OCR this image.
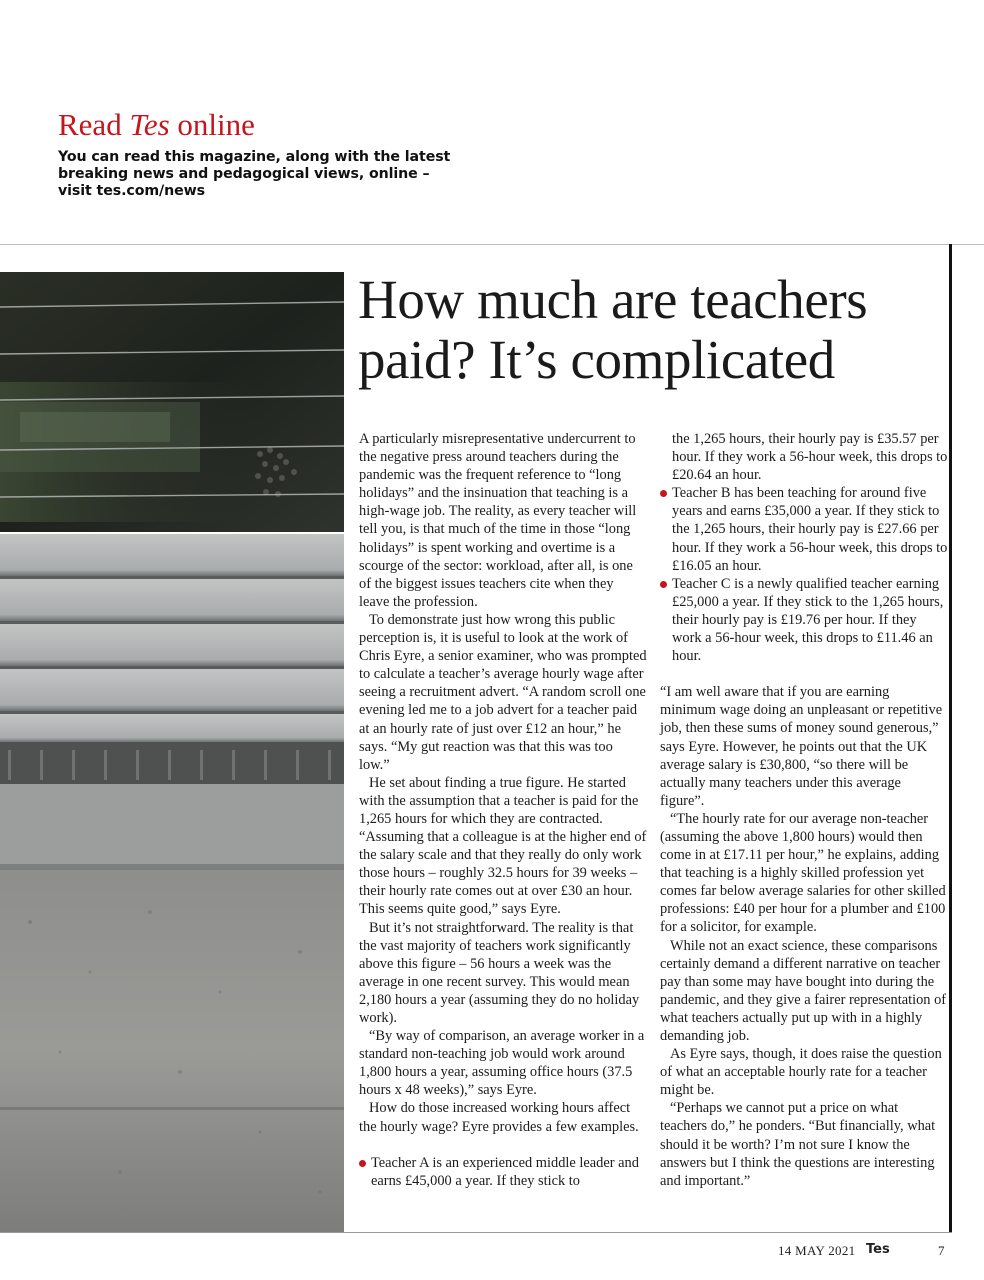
Read Tes online

You can read this magazine, along with the latest breaking news and pedagogical views, online – visit tes.com/news

How much are teachers paid? It’s complicated

A particularly misrepresentative undercurrent to the negative press around teachers during the pandemic was the frequent reference to “long holidays” and the insinuation that teaching is a high-wage job. The reality, as every teacher will tell you, is that much of the time in those “long holidays” is spent working and overtime is a scourge of the sector: workload, after all, is one of the biggest issues teachers cite when they leave the profession.

To demonstrate just how wrong this public perception is, it is useful to look at the work of Chris Eyre, a senior examiner, who was prompted to calculate a teacher’s average hourly wage after seeing a recruitment advert. “A random scroll one evening led me to a job advert for a teacher paid at an hourly rate of just over £12 an hour,” he says. “My gut reaction was that this was too low.”

He set about finding a true figure. He started with the assumption that a teacher is paid for the 1,265 hours for which they are contracted. “Assuming that a colleague is at the higher end of the salary scale and that they really do only work those hours – roughly 32.5 hours for 39 weeks – their hourly rate comes out at over £30 an hour. This seems quite good,” says Eyre.

But it’s not straightforward. The reality is that the vast majority of teachers work significantly above this figure – 56 hours a week was the average in one recent survey. This would mean 2,180 hours a year (assuming they do no holiday work).

“By way of comparison, an average worker in a standard non-teaching job would work around 1,800 hours a year, assuming office hours (37.5 hours x 48 weeks),” says Eyre.

How do those increased working hours affect the hourly wage? Eyre provides a few examples.

Teacher A is an experienced middle leader and earns £45,000 a year. If they stick to

the 1,265 hours, their hourly pay is £35.57 per hour. If they work a 56-hour week, this drops to £20.64 an hour.

Teacher B has been teaching for around five years and earns £35,000 a year. If they stick to the 1,265 hours, their hourly pay is £27.66 per hour. If they work a 56-hour week, this drops to £16.05 an hour.

Teacher C is a newly qualified teacher earning £25,000 a year. If they stick to the 1,265 hours, their hourly pay is £19.76 per hour. If they work a 56-hour week, this drops to £11.46 an hour.

“I am well aware that if you are earning minimum wage doing an unpleasant or repetitive job, then these sums of money sound generous,” says Eyre. However, he points out that the UK average salary is £30,800, “so there will be actually many teachers under this average figure”.

“The hourly rate for our average non-teacher (assuming the above 1,800 hours) would then come in at £17.11 per hour,” he explains, adding that teaching is a highly skilled profession yet comes far below average salaries for other skilled professions: £40 per hour for a plumber and £100 for a solicitor, for example.

While not an exact science, these comparisons certainly demand a different narrative on teacher pay than some may have bought into during the pandemic, and they give a fairer representation of what teachers actually put up with in a highly demanding job.

As Eyre says, though, it does raise the question of what an acceptable hourly rate for a teacher might be.

“Perhaps we cannot put a price on what teachers do,” he ponders. “But financially, what should it be worth? I’m not sure I know the answers but I think the questions are interesting and important.”

14 MAY 2021 Tes	7
